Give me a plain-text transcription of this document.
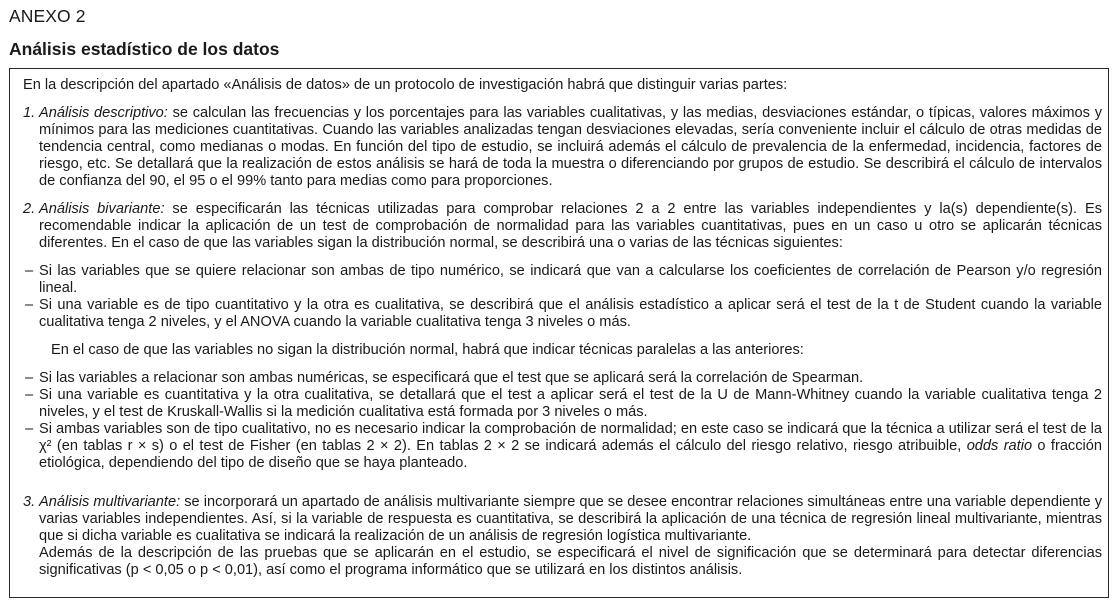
ANEXO 2
Análisis estadístico de los datos

En la descripción del apartado «Análisis de datos» de un protocolo de investigación habrá que distinguir varias partes:

1. Análisis descriptivo: se calculan las frecuencias y los porcentajes para las variables cualitativas, y las medias, desviaciones estándar, o típicas, valores máximos y mínimos para las mediciones cuantitativas. Cuando las variables analizadas tengan desviaciones elevadas, sería conveniente incluir el cálculo de otras medidas de tendencia central, como medianas o modas. En función del tipo de estudio, se incluirá además el cálculo de prevalencia de la enfermedad, incidencia, factores de riesgo, etc. Se detallará que la realización de estos análisis se hará de toda la muestra o diferenciando por grupos de estudio. Se describirá el cálculo de intervalos de confianza del 90, el 95 o el 99% tanto para medias como para proporciones.

2. Análisis bivariante: se especificarán las técnicas utilizadas para comprobar relaciones 2 a 2 entre las variables independientes y la(s) dependiente(s). Es recomendable indicar la aplicación de un test de comprobación de normalidad para las variables cuantitativas, pues en un caso u otro se aplicarán técnicas diferentes. En el caso de que las variables sigan la distribución normal, se describirá una o varias de las técnicas siguientes:

– Si las variables que se quiere relacionar son ambas de tipo numérico, se indicará que van a calcularse los coeficientes de correlación de Pearson y/o regresión lineal.
– Si una variable es de tipo cuantitativo y la otra es cualitativa, se describirá que el análisis estadístico a aplicar será el test de la t de Student cuando la variable cualitativa tenga 2 niveles, y el ANOVA cuando la variable cualitativa tenga 3 niveles o más.

En el caso de que las variables no sigan la distribución normal, habrá que indicar técnicas paralelas a las anteriores:

– Si las variables a relacionar son ambas numéricas, se especificará que el test que se aplicará será la correlación de Spearman.
– Si una variable es cuantitativa y la otra cualitativa, se detallará que el test a aplicar será el test de la U de Mann-Whitney cuando la variable cualitativa tenga 2 niveles, y el test de Kruskall-Wallis si la medición cualitativa está formada por 3 niveles o más.
– Si ambas variables son de tipo cualitativo, no es necesario indicar la comprobación de normalidad; en este caso se indicará que la técnica a utilizar será el test de la χ² (en tablas r × s) o el test de Fisher (en tablas 2 × 2). En tablas 2 × 2 se indicará además el cálculo del riesgo relativo, riesgo atribuible, odds ratio o fracción etiológica, dependiendo del tipo de diseño que se haya planteado.
3. Análisis multivariante: se incorporará un apartado de análisis multivariante siempre que se desee encontrar relaciones simultáneas entre una variable dependiente y varias variables independientes. Así, si la variable de respuesta es cuantitativa, se describirá la aplicación de una técnica de regresión lineal multivariante, mientras que si dicha variable es cualitativa se indicará la realización de un análisis de regresión logística multivariante.

Además de la descripción de las pruebas que se aplicarán en el estudio, se especificará el nivel de significación que se determinará para detectar diferencias significativas (p < 0,05 o p < 0,01), así como el programa informático que se utilizará en los distintos análisis.
